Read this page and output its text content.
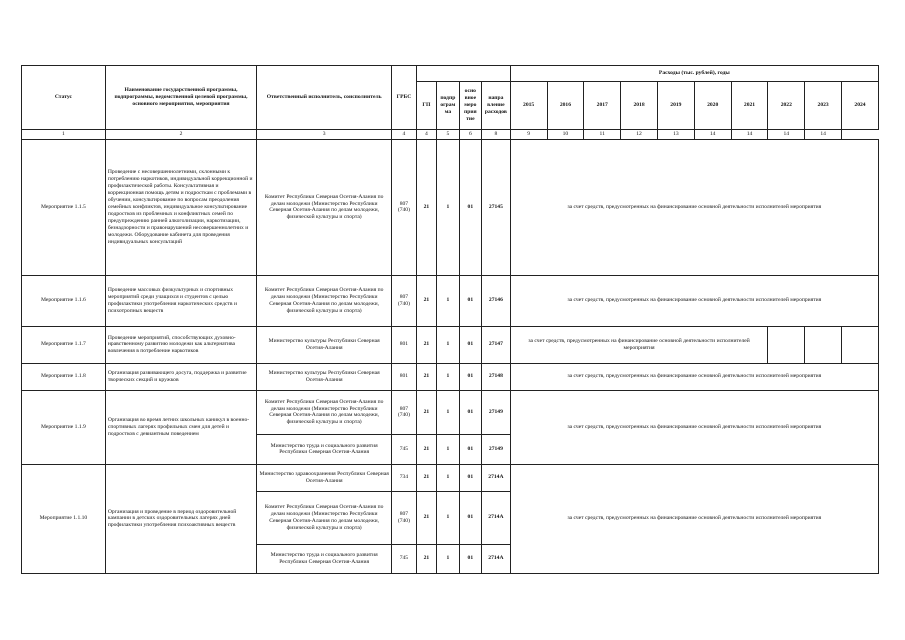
Статус	Наименование государственной программы, подпрограммы, ведомственной целевой программы, основного мероприятия, мероприятия	Ответственный исполнитель, соисполнитель	ГРБС					Расходы (тыс. рублей), годы									
				ГП	подпр ограм ма	осно вное меро прия тие	напра вление расходов	2015	2016	2017	2018	2019	2020	2021	2022	2023	2024
1	2	3	4	4	5	6	8	9	10	11	12	13	14	14	14	14	
Мероприятие 1.1.5	Проведение с несовершеннолетними, склонными к потреблению наркотиков, индивидуальной коррекционной и профилактической работы. Консультативная и коррекционная помощь детям и подросткам с проблемами в обучении, консультирование по вопросам преодоления семейных конфликтов, индивидуальное консультирование подростков из проблемных и конфликтных семей по предупреждению ранней алкоголизации, наркотизации, безнадзорности и правонарушений несовершеннолетних и молодежи. Оборудование кабинета для проведения индивидуальных консультаций	Комитет Республики Северная Осетия-Алания по делам молодежи (Министерство Республики Северная Осетия-Алания по делам молодежи, физической культуры и спорта)	807 (740)	21	1	01	27145	за счет средств, предусмотренных на финансирование основной деятельности исполнителей мероприятия									
Мероприятие 1.1.6	Проведение массовых физкультурных и спортивных мероприятий среди учащихся и студентов с целью профилактики употребления наркотических средств и психотропных веществ	Комитет Республики Северная Осетия-Алания по делам молодежи (Министерство Республики Северная Осетия-Алания по делам молодежи, физической культуры и спорта)	807 (740)	21	1	01	27146	за счет средств, предусмотренных на финансирование основной деятельности исполнителей мероприятия									
Мероприятие 1.1.7	Проведение мероприятий, способствующих духовно-нравственному развитию молодежи как альтернатива вовлечения в потребление наркотиков	Министерство культуры Республики Северная Осетия-Алания	801	21	1	01	27147	за счет средств, предусмотренных на финансирование основной деятельности исполнителей мероприятия									
Мероприятие 1.1.8	Организация развивающего досуга, поддержка и развитие творческих секций и кружков	Министерство культуры Республики Северная Осетия-Алания	801	21	1	01	27148	за счет средств, предусмотренных на финансирование основной деятельности исполнителей мероприятия									
Мероприятие 1.1.9	Организация во время летних школьных каникул в военно-спортивных лагерях профильных смен для детей и подростков с девиантным поведением	Комитет Республики Северная Осетия-Алания по делам молодежи (Министерство Республики Северная Осетия-Алания по делам молодежи, физической культуры и спорта)	807 (740)	21	1	01	27149	за счет средств, предусмотренных на финансирование основной деятельности исполнителей мероприятия									
		Министерство труда и социального развития Республики Северная Осетия-Алания	745	21	1	01	27149										
Мероприятие 1.1.10	Организация и проведение в период оздоровительной кампании в детских оздоровительных лагерях дней профилактики употребления психоактивных веществ	Министерство здравоохранения Республики Северная Осетия-Алания	734	21	1	01	2714А	за счет средств, предусмотренных на финансирование основной деятельности исполнителей мероприятия									
		Комитет Республики Северная Осетия-Алания по делам молодежи (Министерство Республики Северная Осетия-Алания по делам молодежи, физической культуры и спорта)	807 (740)	21	1	01	2714А										
		Министерство труда и социального развития Республики Северная Осетия-Алания	745	21	1	01	2714А										
